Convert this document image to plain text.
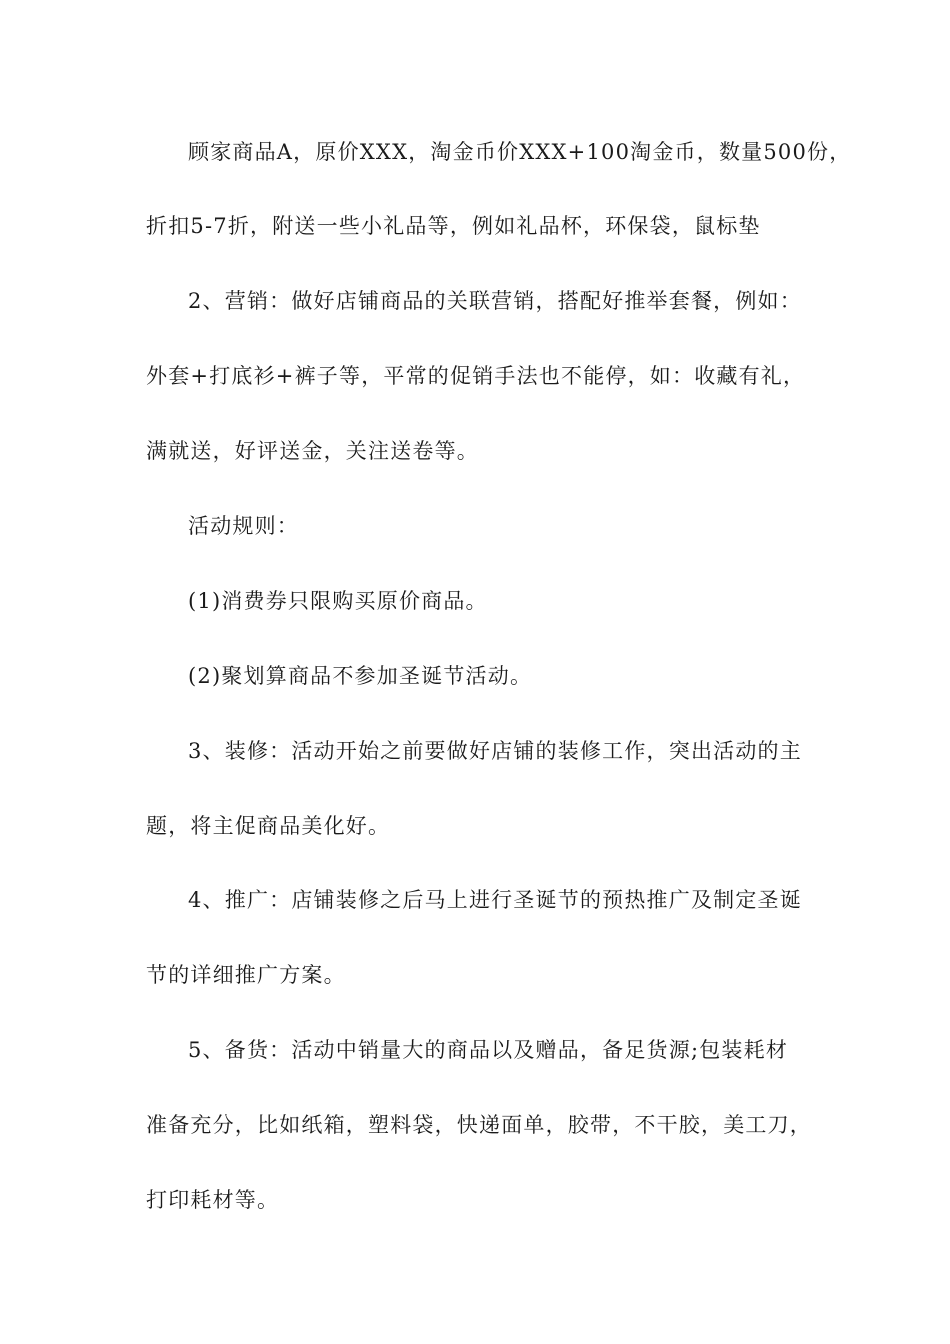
顾家商品A，原价XXX，淘金币价XXX+100淘金币，数量500份，
折扣5-7折，附送一些小礼品等，例如礼品杯，环保袋，鼠标垫
2、营销：做好店铺商品的关联营销，搭配好推举套餐，例如：
外套+打底衫+裤子等，平常的促销手法也不能停，如：收藏有礼，
满就送，好评送金，关注送卷等。
活动规则：
(1)消费券只限购买原价商品。
(2)聚划算商品不参加圣诞节活动。
3、装修：活动开始之前要做好店铺的装修工作，突出活动的主
题，将主促商品美化好。
4、推广：店铺装修之后马上进行圣诞节的预热推广及制定圣诞
节的详细推广方案。
5、备货：活动中销量大的商品以及赠品，备足货源;包装耗材
准备充分，比如纸箱，塑料袋，快递面单，胶带，不干胶，美工刀，
打印耗材等。
